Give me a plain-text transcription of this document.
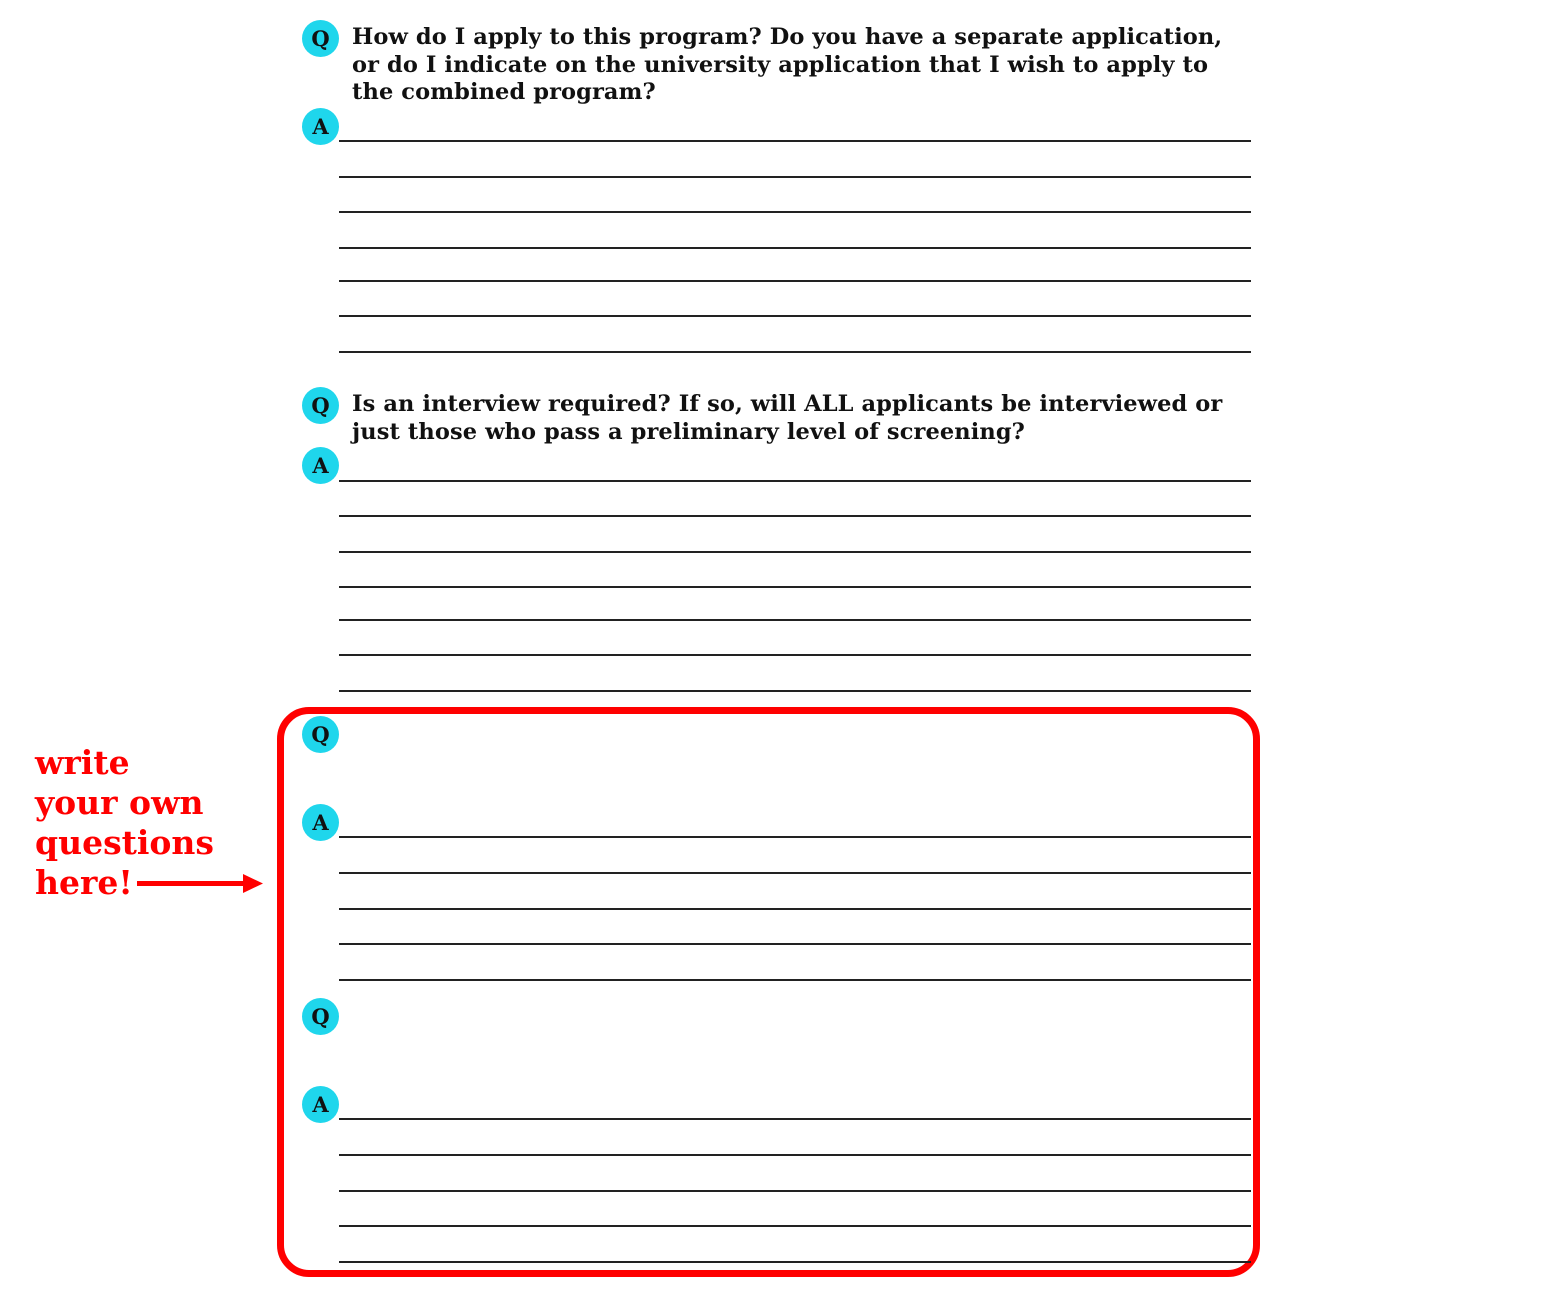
Q How do I apply to this program? Do you have a separate application, or do I indicate on the university application that I wish to apply to the combined program?

A
Q Is an interview required? If so, will ALL applicants be interviewed or just those who pass a preliminary level of screening?

A
Q

A
Q

A

write
your own
questions
here!
